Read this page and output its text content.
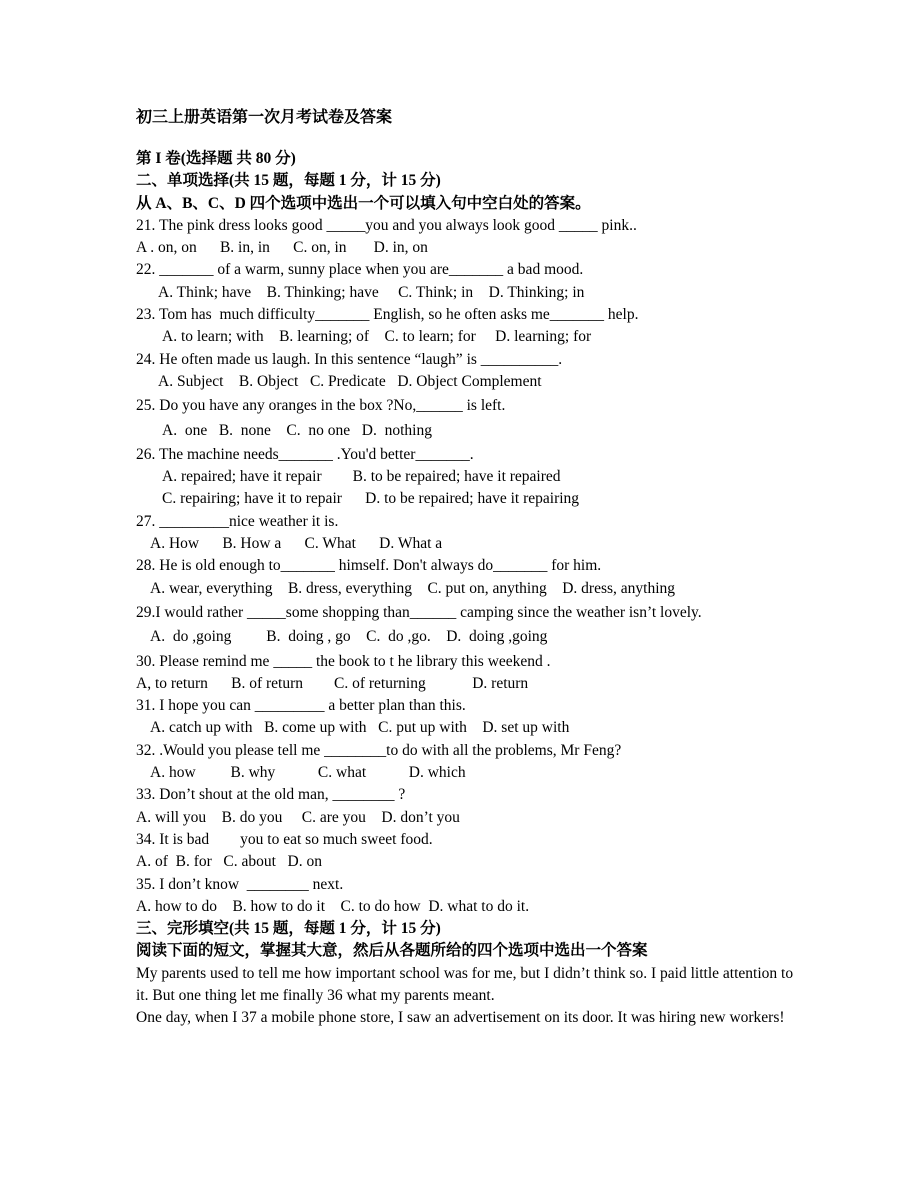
初三上册英语第一次月考试卷及答案
第 I 卷(选择题 共 80 分)
二、单项选择(共 15 题，每题 1 分，计 15 分)
从 A、B、C、D 四个选项中选出一个可以填入句中空白处的答案。
21. The pink dress looks good _____you and you always look good _____ pink..
A . on, on      B. in, in      C. on, in       D. in, on
22. _______ of a warm, sunny place when you are_______ a bad mood.
A. Think; have    B. Thinking; have     C. Think; in    D. Thinking; in
23. Tom has  much difficulty_______ English, so he often asks me_______ help.
A. to learn; with    B. learning; of    C. to learn; for     D. learning; for
24. He often made us laugh. In this sentence “laugh” is __________.
A. Subject    B. Object   C. Predicate   D. Object Complement
25. Do you have any oranges in the box ?No,______ is left.
A.  one   B.  none    C.  no one   D.  nothing
26. The machine needs_______ .You'd better_______.
A. repaired; have it repair        B. to be repaired; have it repaired
C. repairing; have it to repair      D. to be repaired; have it repairing
27. _________nice weather it is.
A. How      B. How a      C. What      D. What a
28. He is old enough to_______ himself. Don't always do_______ for him.
A. wear, everything    B. dress, everything    C. put on, anything    D. dress, anything
29.I would rather _____some shopping than______ camping since the weather isn’t lovely.
A.  do ,going         B.  doing , go    C.  do ,go.    D.  doing ,going
30. Please remind me _____ the book to t he library this weekend .
A, to return      B. of return        C. of returning            D. return
31. I hope you can _________ a better plan than this.
A. catch up with   B. come up with   C. put up with    D. set up with
32. .Would you please tell me ________to do with all the problems, Mr Feng?
A. how         B. why           C. what           D. which
33. Don’t shout at the old man, ________ ?
A. will you    B. do you     C. are you    D. don’t you
34. It is bad        you to eat so much sweet food.
A. of  B. for   C. about   D. on
35. I don’t know  ________ next.
A. how to do    B. how to do it    C. to do how  D. what to do it.
三、完形填空(共 15 题，每题 1 分，计 15 分)
阅读下面的短文，掌握其大意，然后从各题所给的四个选项中选出一个答案
My parents used to tell me how important school was for me, but I didn’t think so. I paid little attention to it. But one thing let me finally 36 what my parents meant.
One day, when I 37 a mobile phone store, I saw an advertisement on its door. It was hiring new workers!
